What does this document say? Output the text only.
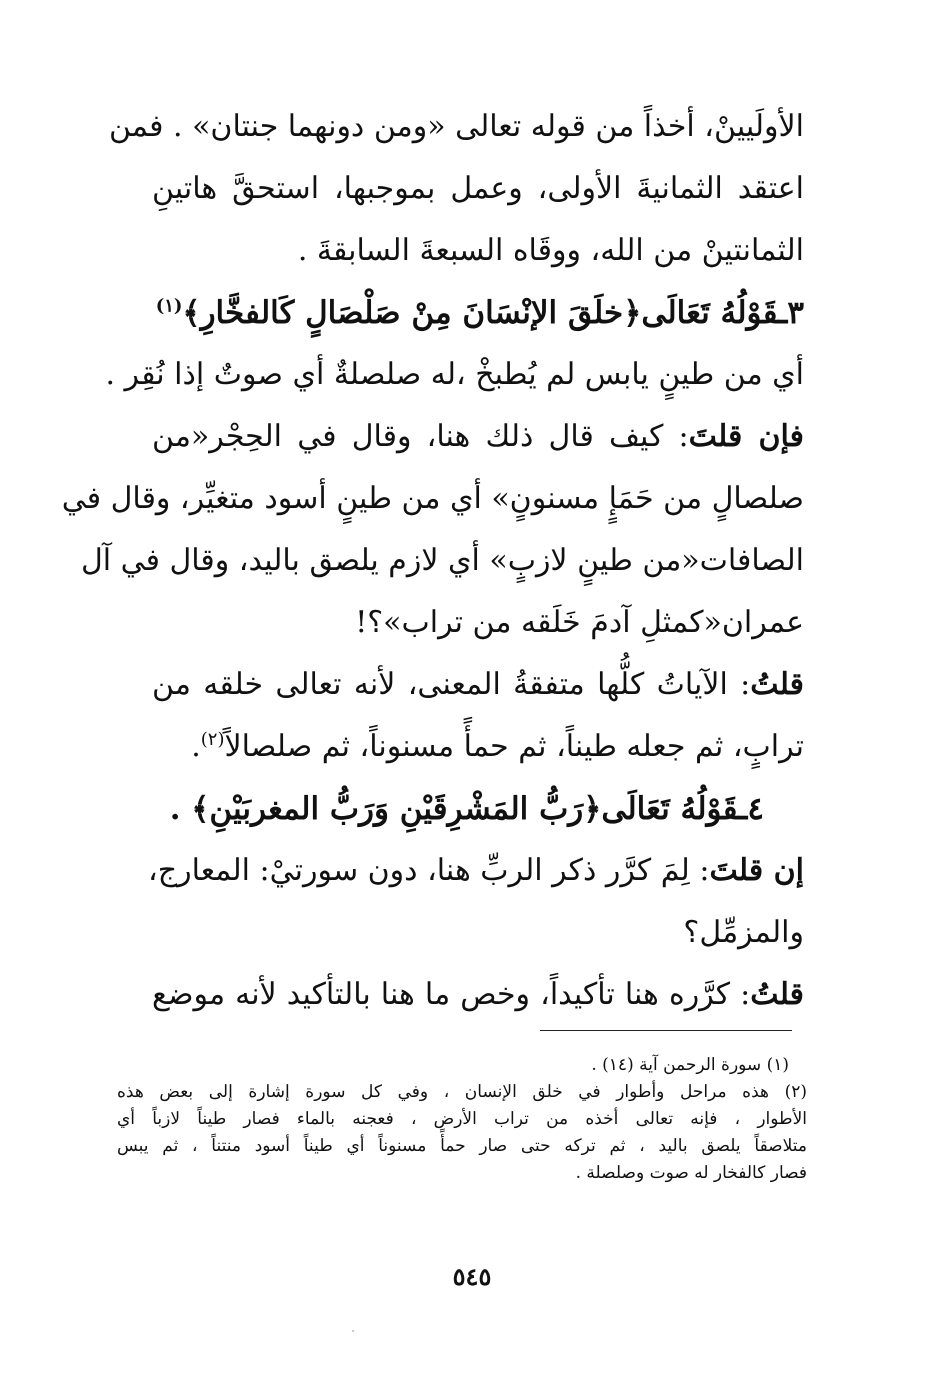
الأولَيينْ، أخذاً من قوله تعالى «ومن دونهما جنتان» . فمن
اعتقد الثمانيةَ الأولى، وعمل بموجبها، استحقَّ هاتينِ
الثمانتينْ من الله، ووقَاه السبعةَ السابقةَ .
٣ـقَوْلُهُ تَعَالَى﴿خلَقَ الإنْسَانَ مِنْ صَلْصَالٍ كَالفخَّارِ﴾$^{(١)}$
أي من طينٍ يابس لم يُطبخْ ،له صلصلةٌ أي صوتٌ إذا نُقِر .
فإن قلتَ: كيف قال ذلك هنا، وقال في الحِجْر«من
صلصالٍ من حَمَإٍ مسنونٍ» أي من طينٍ أسود متغيِّر، وقال في
الصافات«من طينٍ لازبٍ» أي لازم يلصق باليد، وقال في آل
عمران«كمثلِ آدمَ خَلَقه من تراب»؟!
قلتُ: الآياتُ كلُّها متفقةُ المعنى، لأنه تعالى خلقه من
ترابٍ، ثم جعله طيناً، ثم حمأً مسنوناً، ثم صلصالاً$^{(٢)}$.
٤ـقَوْلُهُ تَعَالَى﴿رَبُّ المَشْرِقَيْنِ وَرَبُّ المغربَيْنِ﴾ .
إن قلتَ: لِمَ كرَّر ذكر الربِّ هنا، دون سورتيْ: المعارج،
والمزمِّل؟
قلتُ: كرَّره هنا تأكيداً، وخص ما هنا بالتأكيد لأنه موضع
(١) سورة الرحمن آية (١٤) .
(٢) هذه مراحل وأطوار في خلق الإنسان ، وفي كل سورة إشارة إلى بعض هذه
الأطوار ، فإنه تعالى أخذه من تراب الأرض ، فعجنه بالماء فصار طيناً لازباً أي
متلاصقاً يلصق باليد ، ثم تركه حتى صار حمأً مسنوناً أي طيناً أسود منتناً ، ثم يبس
فصار كالفخار له صوت وصلصلة .
٥٤٥
